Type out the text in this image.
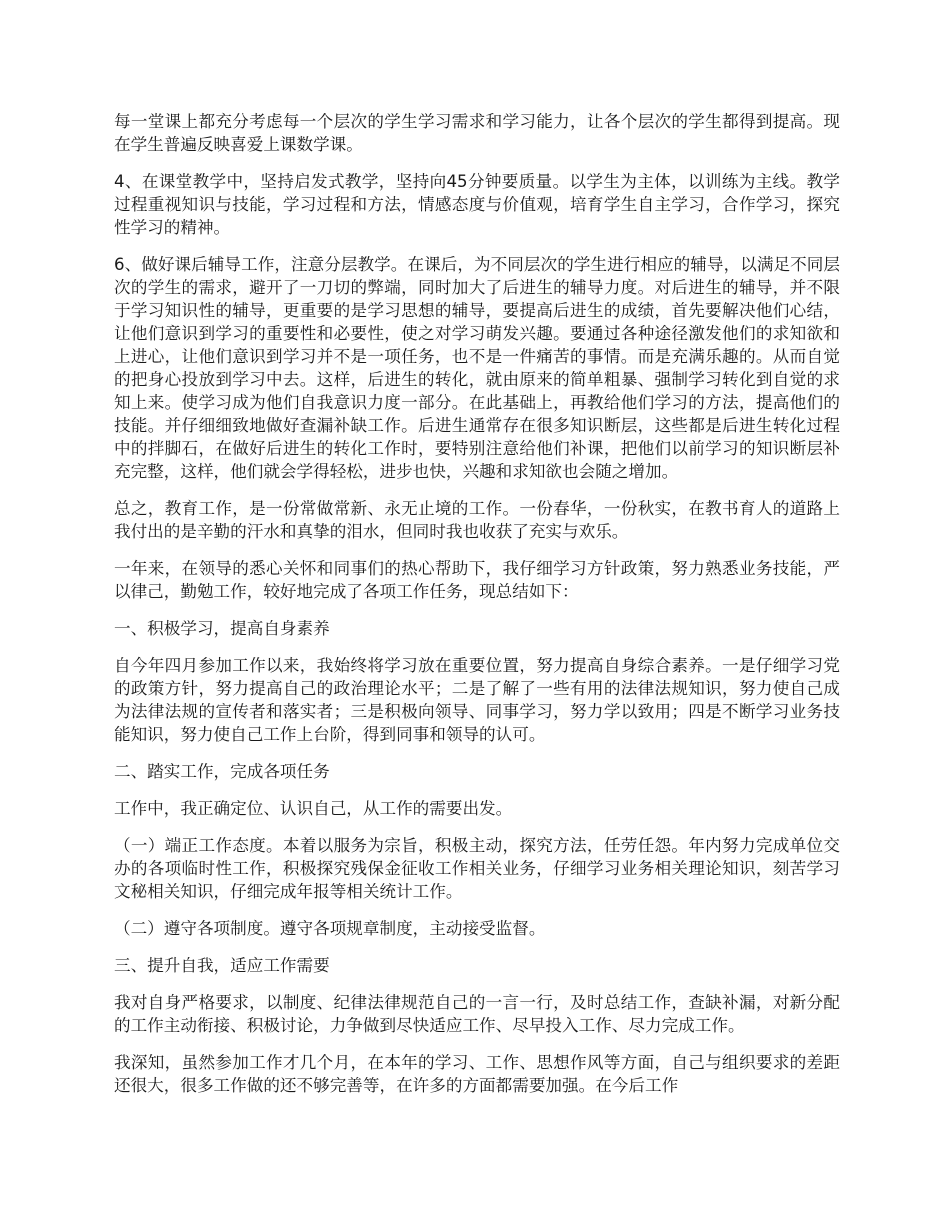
每一堂课上都充分考虑每一个层次的学生学习需求和学习能力，让各个层次的学生都得到提高。现在学生普遍反映喜爱上课数学课。

4、在课堂教学中，坚持启发式教学，坚持向45分钟要质量。以学生为主体，以训练为主线。教学过程重视知识与技能，学习过程和方法，情感态度与价值观，培育学生自主学习，合作学习，探究性学习的精神。

6、做好课后辅导工作，注意分层教学。在课后，为不同层次的学生进行相应的辅导，以满足不同层次的学生的需求，避开了一刀切的弊端，同时加大了后进生的辅导力度。对后进生的辅导，并不限于学习知识性的辅导，更重要的是学习思想的辅导，要提高后进生的成绩，首先要解决他们心结，让他们意识到学习的重要性和必要性，使之对学习萌发兴趣。要通过各种途径激发他们的求知欲和上进心，让他们意识到学习并不是一项任务，也不是一件痛苦的事情。而是充满乐趣的。从而自觉的把身心投放到学习中去。这样，后进生的转化，就由原来的简单粗暴、强制学习转化到自觉的求知上来。使学习成为他们自我意识力度一部分。在此基础上，再教给他们学习的方法，提高他们的技能。并仔细细致地做好查漏补缺工作。后进生通常存在很多知识断层，这些都是后进生转化过程中的拌脚石，在做好后进生的转化工作时，要特别注意给他们补课，把他们以前学习的知识断层补充完整，这样，他们就会学得轻松，进步也快，兴趣和求知欲也会随之增加。

总之，教育工作，是一份常做常新、永无止境的工作。一份春华，一份秋实，在教书育人的道路上我付出的是辛勤的汗水和真挚的泪水，但同时我也收获了充实与欢乐。

一年来，在领导的悉心关怀和同事们的热心帮助下，我仔细学习方针政策，努力熟悉业务技能，严以律己，勤勉工作，较好地完成了各项工作任务，现总结如下：

一、积极学习，提高自身素养

自今年四月参加工作以来，我始终将学习放在重要位置，努力提高自身综合素养。一是仔细学习党的政策方针，努力提高自己的政治理论水平；二是了解了一些有用的法律法规知识，努力使自己成为法律法规的宣传者和落实者；三是积极向领导、同事学习，努力学以致用；四是不断学习业务技能知识，努力使自己工作上台阶，得到同事和领导的认可。

二、踏实工作，完成各项任务

工作中，我正确定位、认识自己，从工作的需要出发。

（一）端正工作态度。本着以服务为宗旨，积极主动，探究方法，任劳任怨。年内努力完成单位交办的各项临时性工作，积极探究残保金征收工作相关业务，仔细学习业务相关理论知识，刻苦学习文秘相关知识，仔细完成年报等相关统计工作。

（二）遵守各项制度。遵守各项规章制度，主动接受监督。

三、提升自我，适应工作需要

我对自身严格要求，以制度、纪律法律规范自己的一言一行，及时总结工作，查缺补漏，对新分配的工作主动衔接、积极讨论，力争做到尽快适应工作、尽早投入工作、尽力完成工作。

我深知，虽然参加工作才几个月，在本年的学习、工作、思想作风等方面，自己与组织要求的差距还很大，很多工作做的还不够完善等，在许多的方面都需要加强。在今后工作
